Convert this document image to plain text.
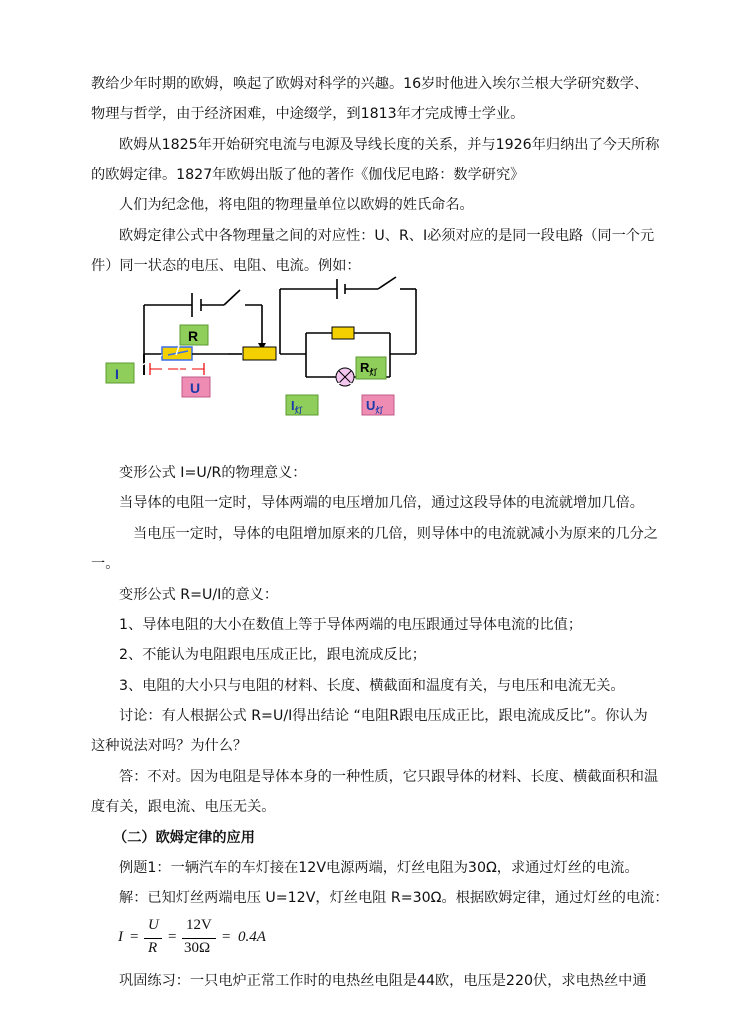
教给少年时期的欧姆，唤起了欧姆对科学的兴趣。16岁时他进入埃尔兰根大学研究数学、
物理与哲学，由于经济困难，中途缀学，到1813年才完成博士学业。
欧姆从1825年开始研究电流与电源及导线长度的关系，并与1926年归纳出了今天所称
的欧姆定律。1827年欧姆出版了他的著作《伽伐尼电路：数学研究》
人们为纪念他，将电阻的物理量单位以欧姆的姓氏命名。
欧姆定律公式中各物理量之间的对应性：U、R、I必须对应的是同一段电路（同一个元
件）同一状态的电压、电阻、电流。例如：
R
I
U
$R_灯$
$I_灯$	$U_灯$
变形公式 I=U/R的物理意义：
当导体的电阻一定时，导体两端的电压增加几倍，通过这段导体的电流就增加几倍。
当电压一定时，导体的电阻增加原来的几倍，则导体中的电流就减小为原来的几分之
一。
变形公式 R=U/I的意义：
1、导体电阻的大小在数值上等于导体两端的电压跟通过导体电流的比值；
2、不能认为电阻跟电压成正比，跟电流成反比；
3、电阻的大小只与电阻的材料、长度、横截面和温度有关，与电压和电流无关。
讨论：有人根据公式 R=U/I得出结论 “电阻R跟电压成正比，跟电流成反比”。你认为
这种说法对吗？为什么？
答：不对。因为电阻是导体本身的一种性质，它只跟导体的材料、长度、横截面积和温
度有关，跟电流、电压无关。
（二）欧姆定律的应用
例题1：一辆汽车的车灯接在12V电源两端，灯丝电阻为30Ω，求通过灯丝的电流。
解：已知灯丝两端电压 U=12V，灯丝电阻 R=30Ω。根据欧姆定律，通过灯丝的电流：
I =
U
R
=
12V
30Ω
= 0.4A
巩固练习：一只电炉正常工作时的电热丝电阻是44欧，电压是220伏，求电热丝中通
